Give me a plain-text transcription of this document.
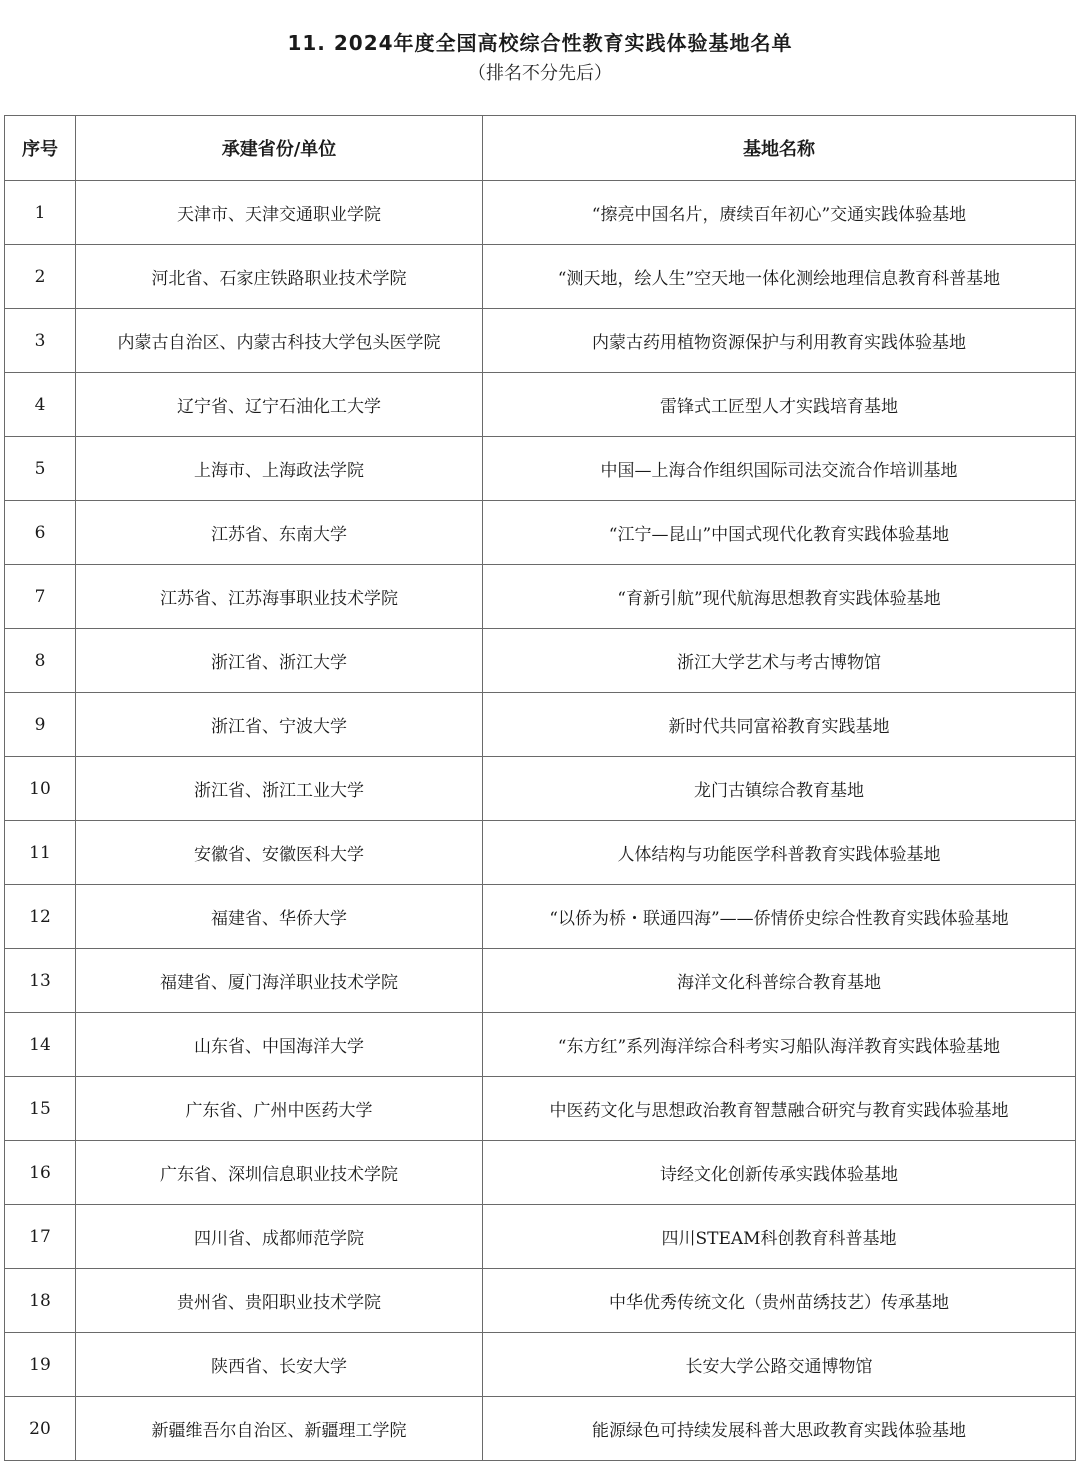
11. 2024年度全国高校综合性教育实践体验基地名单
（排名不分先后）
序号	承建省份/单位	基地名称
1	天津市、天津交通职业学院	“擦亮中国名片，赓续百年初心”交通实践体验基地
2	河北省、石家庄铁路职业技术学院	“测天地，绘人生”空天地一体化测绘地理信息教育科普基地
3	内蒙古自治区、内蒙古科技大学包头医学院	内蒙古药用植物资源保护与利用教育实践体验基地
4	辽宁省、辽宁石油化工大学	雷锋式工匠型人才实践培育基地
5	上海市、上海政法学院	中国—上海合作组织国际司法交流合作培训基地
6	江苏省、东南大学	“江宁—昆山”中国式现代化教育实践体验基地
7	江苏省、江苏海事职业技术学院	“育新引航”现代航海思想教育实践体验基地
8	浙江省、浙江大学	浙江大学艺术与考古博物馆
9	浙江省、宁波大学	新时代共同富裕教育实践基地
10	浙江省、浙江工业大学	龙门古镇综合教育基地
11	安徽省、安徽医科大学	人体结构与功能医学科普教育实践体验基地
12	福建省、华侨大学	“以侨为桥・联通四海”——侨情侨史综合性教育实践体验基地
13	福建省、厦门海洋职业技术学院	海洋文化科普综合教育基地
14	山东省、中国海洋大学	“东方红”系列海洋综合科考实习船队海洋教育实践体验基地
15	广东省、广州中医药大学	中医药文化与思想政治教育智慧融合研究与教育实践体验基地
16	广东省、深圳信息职业技术学院	诗经文化创新传承实践体验基地
17	四川省、成都师范学院	四川STEAM科创教育科普基地
18	贵州省、贵阳职业技术学院	中华优秀传统文化（贵州苗绣技艺）传承基地
19	陕西省、长安大学	长安大学公路交通博物馆
20	新疆维吾尔自治区、新疆理工学院	能源绿色可持续发展科普大思政教育实践体验基地
